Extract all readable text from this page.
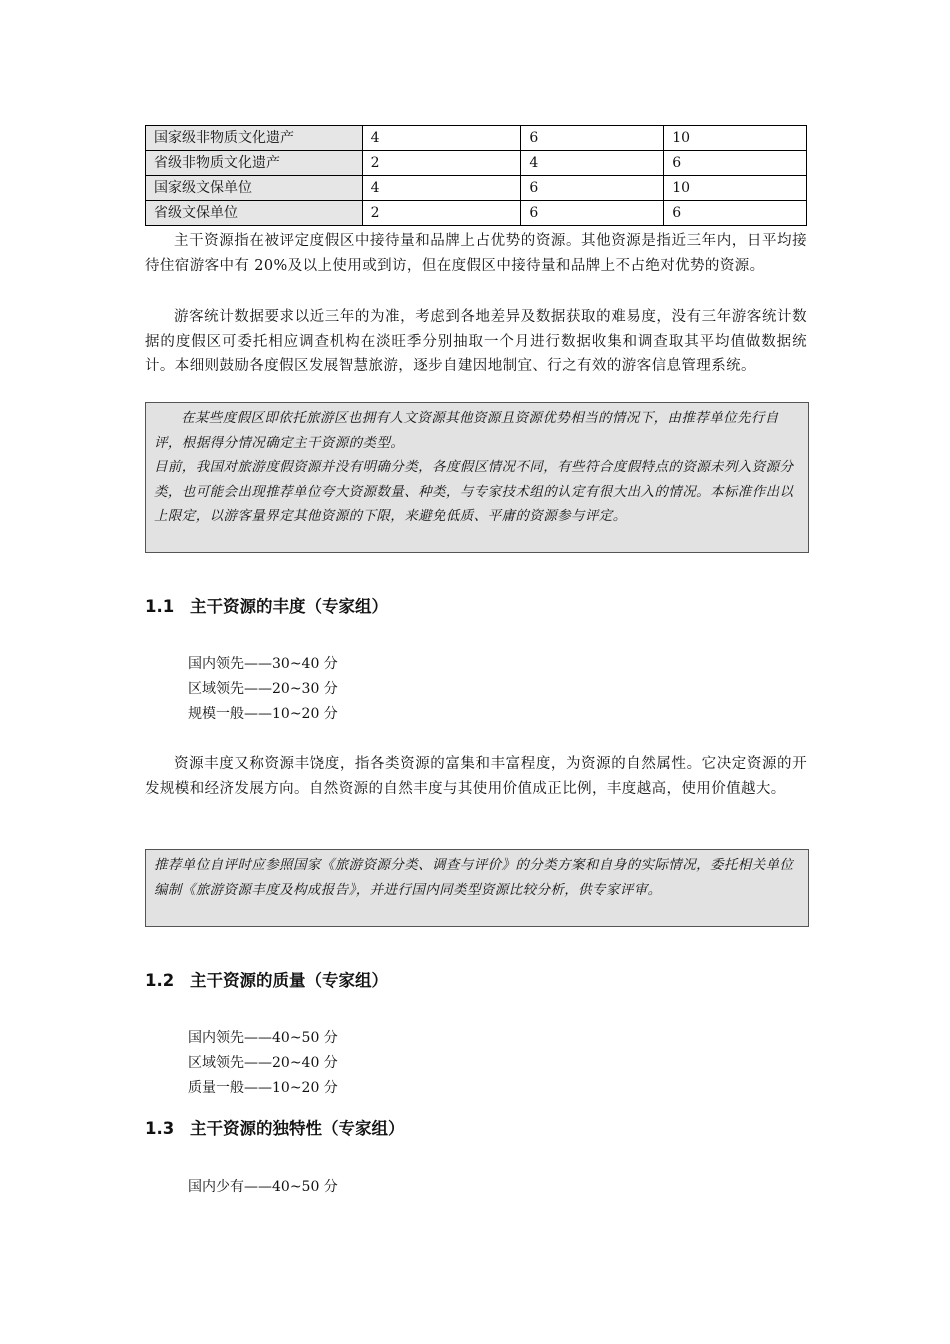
国家级非物质文化遗产	4	6	10
省级非物质文化遗产	2	4	6
国家级文保单位	4	6	10
省级文保单位	2	6	6

主干资源指在被评定度假区中接待量和品牌上占优势的资源。其他资源是指近三年内，日平均接待住宿游客中有 20%及以上使用或到访，但在度假区中接待量和品牌上不占绝对优势的资源。

游客统计数据要求以近三年的为准，考虑到各地差异及数据获取的难易度，没有三年游客统计数据的度假区可委托相应调查机构在淡旺季分别抽取一个月进行数据收集和调查取其平均值做数据统计。本细则鼓励各度假区发展智慧旅游，逐步自建因地制宜、行之有效的游客信息管理系统。

在某些度假区即依托旅游区也拥有人文资源其他资源且资源优势相当的情况下，由推荐单位先行自评，根据得分情况确定主干资源的类型。

目前，我国对旅游度假资源并没有明确分类，各度假区情况不同，有些符合度假特点的资源未列入资源分类，也可能会出现推荐单位夸大资源数量、种类，与专家技术组的认定有很大出入的情况。本标准作出以上限定，以游客量界定其他资源的下限，来避免低质、平庸的资源参与评定。

1.1 主干资源的丰度（专家组）
国内领先——30~40 分
区域领先——20~30 分
规模一般——10~20 分

资源丰度又称资源丰饶度，指各类资源的富集和丰富程度，为资源的自然属性。它决定资源的开发规模和经济发展方向。自然资源的自然丰度与其使用价值成正比例，丰度越高，使用价值越大。

推荐单位自评时应参照国家《旅游资源分类、调查与评价》的分类方案和自身的实际情况，委托相关单位编制《旅游资源丰度及构成报告》，并进行国内同类型资源比较分析，供专家评审。

1.2 主干资源的质量（专家组）
国内领先——40~50 分
区域领先——20~40 分
质量一般——10~20 分
1.3 主干资源的独特性（专家组）
国内少有——40~50 分
